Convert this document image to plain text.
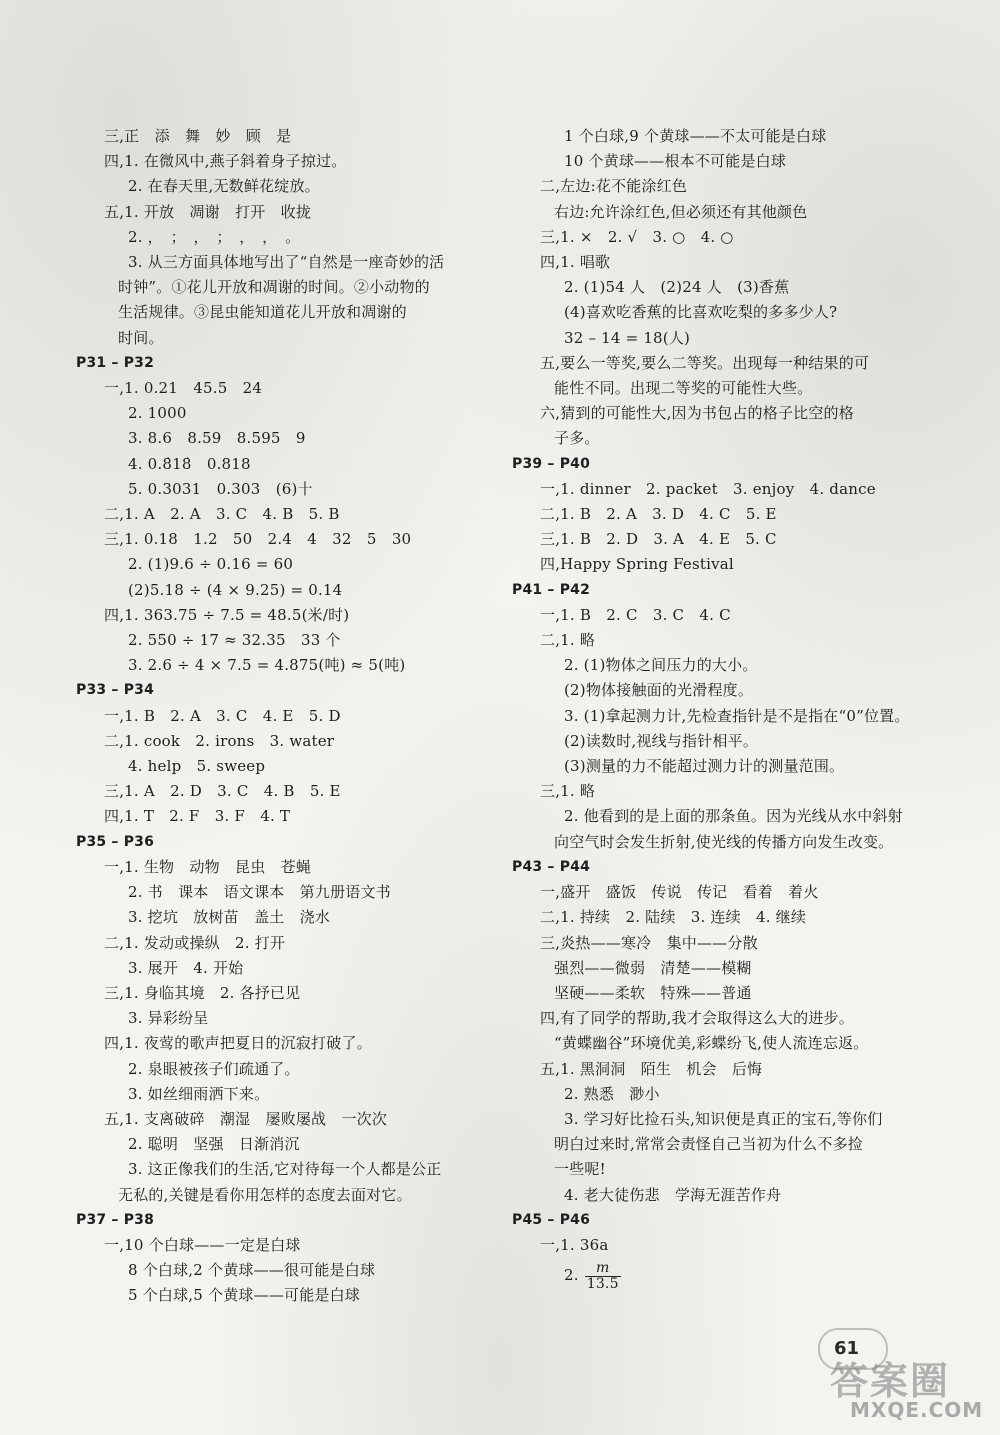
三,正　添　舞　妙　顾　是
四,1. 在微风中,燕子斜着身子掠过。
2. 在春天里,无数鲜花绽放。
五,1. 开放　凋谢　打开　收拢
2. ，　；　，　；　，　，　。
3. 从三方面具体地写出了“自然是一座奇妙的活
时钟”。①花儿开放和凋谢的时间。②小动物的
生活规律。③昆虫能知道花儿开放和凋谢的
时间。
P31 – P32
一,1. 0.21　45.5　24
2. 1000
3. 8.6　8.59　8.595　9
4. 0.8̇18̇　0.818
5. 0.3031　0.303　(6)十
二,1. A　2. A　3. C　4. B　5. B
三,1. 0.18　1.2　50　2.4　4　32　5　30
2. (1)9.6 ÷ 0.16 = 60
(2)5.18 ÷ (4 × 9.25) = 0.14
四,1. 363.75 ÷ 7.5 = 48.5(米/时)
2. 550 ÷ 17 ≈ 32.35　33 个
3. 2.6 ÷ 4 × 7.5 = 4.875(吨) ≈ 5(吨)
P33 – P34
一,1. B　2. A　3. C　4. E　5. D
二,1. cook　2. irons　3. water
4. help　5. sweep
三,1. A　2. D　3. C　4. B　5. E
四,1. T　2. F　3. F　4. T
P35 – P36
一,1. 生物　动物　昆虫　苍蝇
2. 书　课本　语文课本　第九册语文书
3. 挖坑　放树苗　盖土　浇水
二,1. 发动或操纵　2. 打开
3. 展开　4. 开始
三,1. 身临其境　2. 各抒已见
3. 异彩纷呈
四,1. 夜莺的歌声把夏日的沉寂打破了。
2. 泉眼被孩子们疏通了。
3. 如丝细雨洒下来。
五,1. 支离破碎　潮湿　屡败屡战　一次次
2. 聪明　坚强　日渐消沉
3. 这正像我们的生活,它对待每一个人都是公正
无私的,关键是看你用怎样的态度去面对它。
P37 – P38
一,10 个白球——一定是白球
8 个白球,2 个黄球——很可能是白球
5 个白球,5 个黄球——可能是白球
1 个白球,9 个黄球——不太可能是白球
10 个黄球——根本不可能是白球
二,左边:花不能涂红色
右边:允许涂红色,但必须还有其他颜色
三,1. ×　2. √　3. ○　4. ○
四,1. 唱歌
2. (1)54 人　(2)24 人　(3)香蕉
(4)喜欢吃香蕉的比喜欢吃梨的多多少人?
32 – 14 = 18(人)
五,要么一等奖,要么二等奖。出现每一种结果的可
能性不同。出现二等奖的可能性大些。
六,猜到的可能性大,因为书包占的格子比空的格
子多。
P39 – P40
一,1. dinner　2. packet　3. enjoy　4. dance
二,1. B　2. A　3. D　4. C　5. E
三,1. B　2. D　3. A　4. E　5. C
四,Happy Spring Festival
P41 – P42
一,1. B　2. C　3. C　4. C
二,1. 略
2. (1)物体之间压力的大小。
(2)物体接触面的光滑程度。
3. (1)拿起测力计,先检查指针是不是指在“0”位置。
(2)读数时,视线与指针相平。
(3)测量的力不能超过测力计的测量范围。
三,1. 略
2. 他看到的是上面的那条鱼。因为光线从水中斜射
向空气时会发生折射,使光线的传播方向发生改变。
P43 – P44
一,盛开　盛饭　传说　传记　看着　着火
二,1. 持续　2. 陆续　3. 连续　4. 继续
三,炎热——寒冷　集中——分散
强烈——微弱　清楚——模糊
坚硬——柔软　特殊——普通
四,有了同学的帮助,我才会取得这么大的进步。
“黄蝶幽谷”环境优美,彩蝶纷飞,使人流连忘返。
五,1. 黑洞洞　陌生　机会　后悔
2. 熟悉　渺小
3. 学习好比捡石头,知识便是真正的宝石,等你们
明白过来时,常常会责怪自己当初为什么不多捡
一些呢!
4. 老大徒伤悲　学海无涯苦作舟
P45 – P46
一,1. 36a
2. $\frac{m}{13.5}$
61
答案圈
MXQE.COM
